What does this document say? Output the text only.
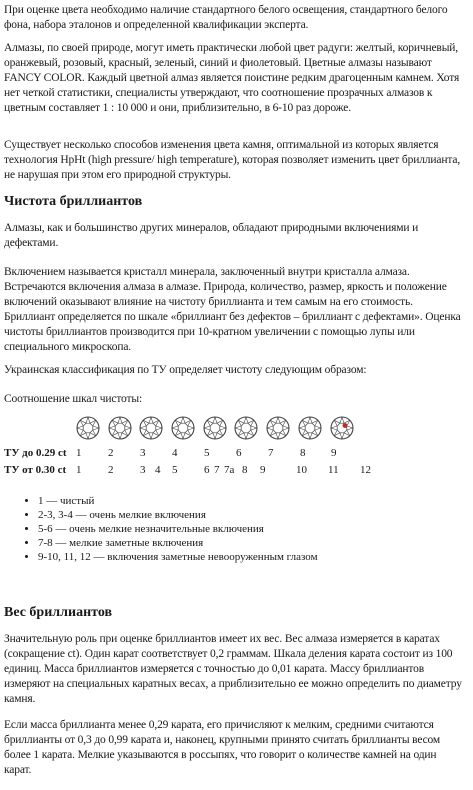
При оценке цвета необходимо наличие стандартного белого освещения, стандартного белого фона, набора эталонов и определенной квалификации эксперта.

Алмазы, по своей природе, могут иметь практически любой цвет радуги: желтый, коричневый, оранжевый, розовый, красный, зеленый, синий и фиолетовый. Цветные алмазы называют FANCY COLOR. Каждый цветной алмаз является поистине редким драгоценным камнем. Хотя нет четкой статистики, специалисты утверждают, что соотношение прозрачных алмазов к цветным составляет 1 : 10 000 и они, приблизительно, в 6-10 раз дороже.

Существует несколько способов изменения цвета камня, оптимальной из которых является технология HpHt (high pressure/ high temperature), которая позволяет изменить цвет бриллианта, не нарушая при этом его природной структуры.

Чистота бриллиантов

Алмазы, как и большинство других минералов, обладают природными включениями и дефектами.

Включением называется кристалл минерала, заключенный внутри кристалла алмаза. Встречаются включения алмаза в алмазе. Природа, количество, размер, яркость и положение включений оказывают влияние на чистоту бриллианта и тем самым на его стоимость. Бриллиант определяется по шкале «бриллиант без дефектов – бриллиант с дефектами». Оценка чистоты бриллиантов производится при 10-кратном увеличении с помощью лупы или специального микроскопа.

Украинская классификация по ТУ определяет чистоту следующим образом:

Соотношение шкал чистоты:

ТУ до 0.29 ct 1 2 3 4 5 6 7 8 9
ТУ от 0.30 ct 1 2 3 4 5 6 7 7а 8 9	10 11 12
• 1 — чистый
• 2-3, 3-4 — очень мелкие включения
• 5-6 — очень мелкие незначительные включения
• 7-8 — мелкие заметные включения
• 9-10, 11, 12 — включения заметные невооруженным глазом
Вес бриллиантов

Значительную роль при оценке бриллиантов имеет их вес. Вес алмаза измеряется в каратах (сокращение ct). Один карат соответствует 0,2 граммам. Шкала деления карата состоит из 100 единиц. Масса бриллиантов измеряется с точностью до 0,01 карата. Массу бриллиантов измеряют на специальных каратных весах, а приблизительно ее можно определить по диаметру камня.

Если масса бриллианта менее 0,29 карата, его причисляют к мелким, средними считаются бриллианты от 0,3 до 0,99 карата и, наконец, крупными принято считать бриллианты весом более 1 карата. Мелкие указываются в россыпях, что говорит о количестве камней на один карат.
